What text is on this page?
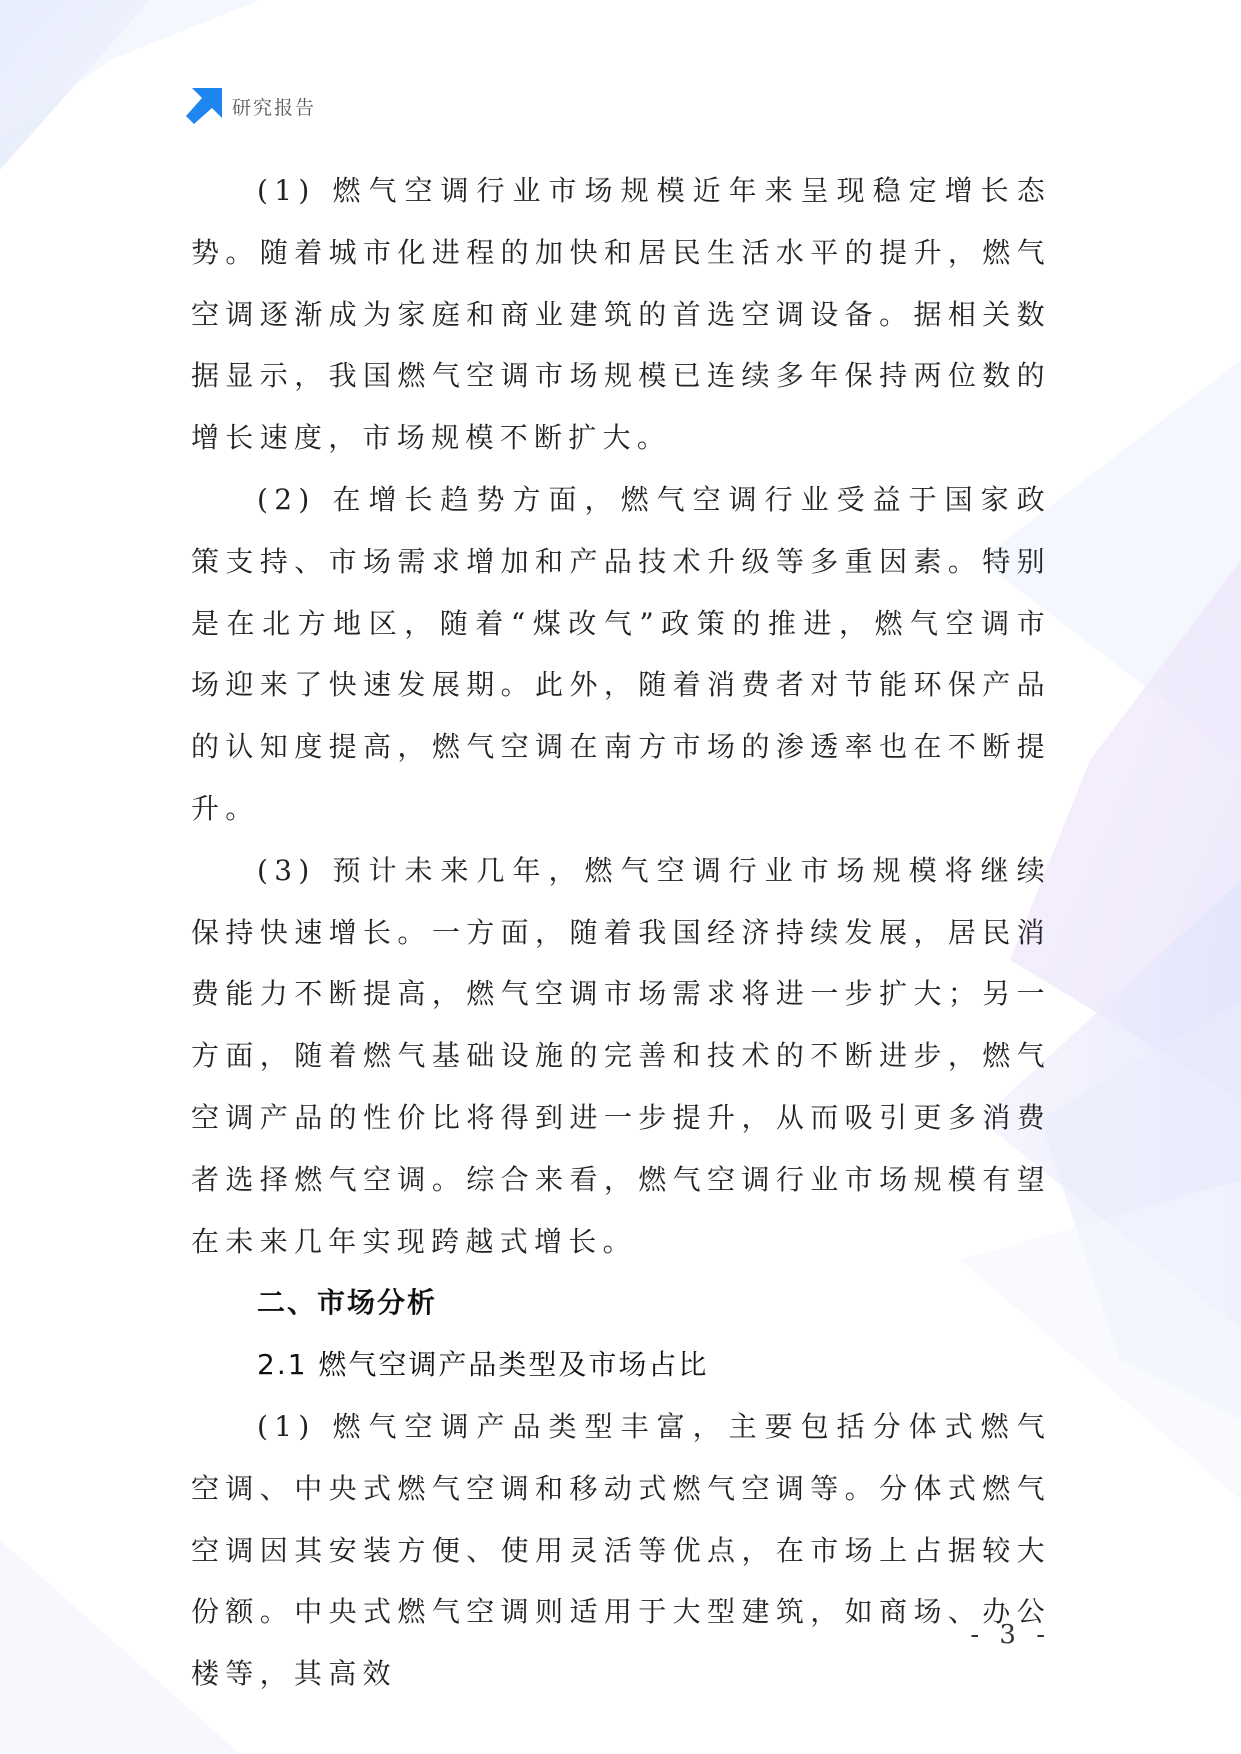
研究报告

(1) 燃气空调行业市场规模近年来呈现稳定增长态势。随着城市化进程的加快和居民生活水平的提升，燃气空调逐渐成为家庭和商业建筑的首选空调设备。据相关数据显示，我国燃气空调市场规模已连续多年保持两位数的增长速度，市场规模不断扩大。

(2) 在增长趋势方面，燃气空调行业受益于国家政策支持、市场需求增加和产品技术升级等多重因素。特别是在北方地区，随着“煤改气”政策的推进，燃气空调市场迎来了快速发展期。此外，随着消费者对节能环保产品的认知度提高，燃气空调在南方市场的渗透率也在不断提升。

(3) 预计未来几年，燃气空调行业市场规模将继续保持快速增长。一方面，随着我国经济持续发展，居民消费能力不断提高，燃气空调市场需求将进一步扩大；另一方面，随着燃气基础设施的完善和技术的不断进步，燃气空调产品的性价比将得到进一步提升，从而吸引更多消费者选择燃气空调。综合来看，燃气空调行业市场规模有望在未来几年实现跨越式增长。

二、市场分析

2.1 燃气空调产品类型及市场占比

(1) 燃气空调产品类型丰富，主要包括分体式燃气空调、中央式燃气空调和移动式燃气空调等。分体式燃气空调因其安装方便、使用灵活等优点，在市场上占据较大份额。中央式燃气空调则适用于大型建筑，如商场、办公楼等，其高效

- 3 -
